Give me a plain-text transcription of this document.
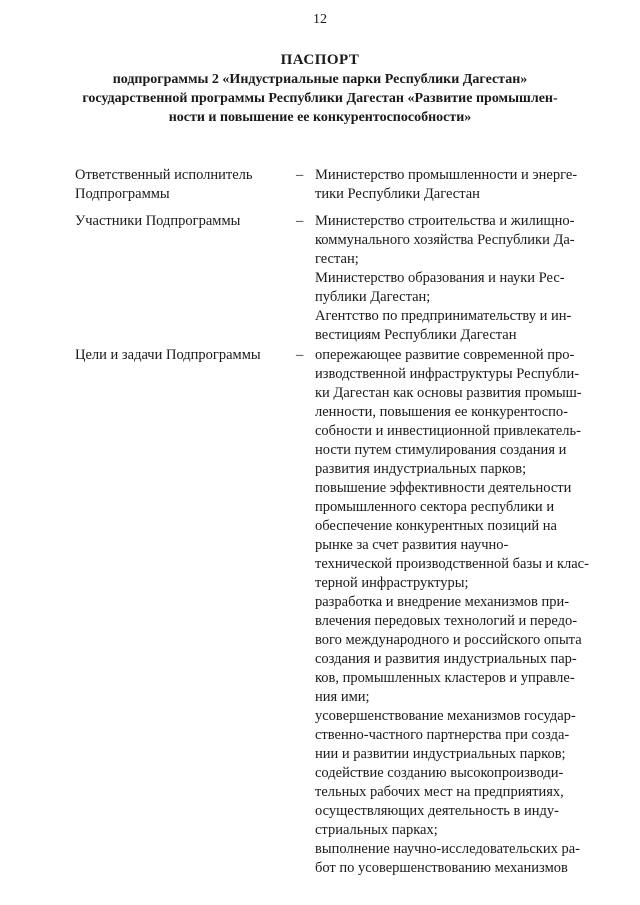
12
ПАСПОРТ
подпрограммы 2 «Индустриальные парки Республики Дагестан»
государственной программы Республики Дагестан «Развитие промышлен-
ности и повышение ее конкурентоспособности»
Ответственный исполнитель
Подпрограммы
– Министерство промышленности и энерге-

тики Республики Дагестан

Участники Подпрограммы	– Министерство строительства и жилищно-

коммунального хозяйства Республики Да-

гестан;

Министерство образования и науки Рес-

публики Дагестан;

Агентство по предпринимательству и ин-

вестициям Республики Дагестан

Цели и задачи Подпрограммы	– опережающее развитие современной про-

изводственной инфраструктуры Республи-

ки Дагестан как основы развития промыш-

ленности, повышения ее конкурентоспо-

собности и инвестиционной привлекатель-

ности путем стимулирования создания и

развития индустриальных парков;

повышение эффективности деятельности

промышленного сектора республики и

обеспечение конкурентных позиций на

рынке за счет развития научно-

технической производственной базы и клас-

терной инфраструктуры;

разработка и внедрение механизмов при-

влечения передовых технологий и передо-

вого международного и российского опыта

создания и развития индустриальных пар-

ков, промышленных кластеров и управле-

ния ими;

усовершенствование механизмов государ-

ственно-частного партнерства при созда-

нии и развитии индустриальных парков;

содействие созданию высокопроизводи-

тельных рабочих мест на предприятиях,

осуществляющих деятельность в инду-

стриальных парках;

выполнение научно-исследовательских ра-

бот по усовершенствованию механизмов
